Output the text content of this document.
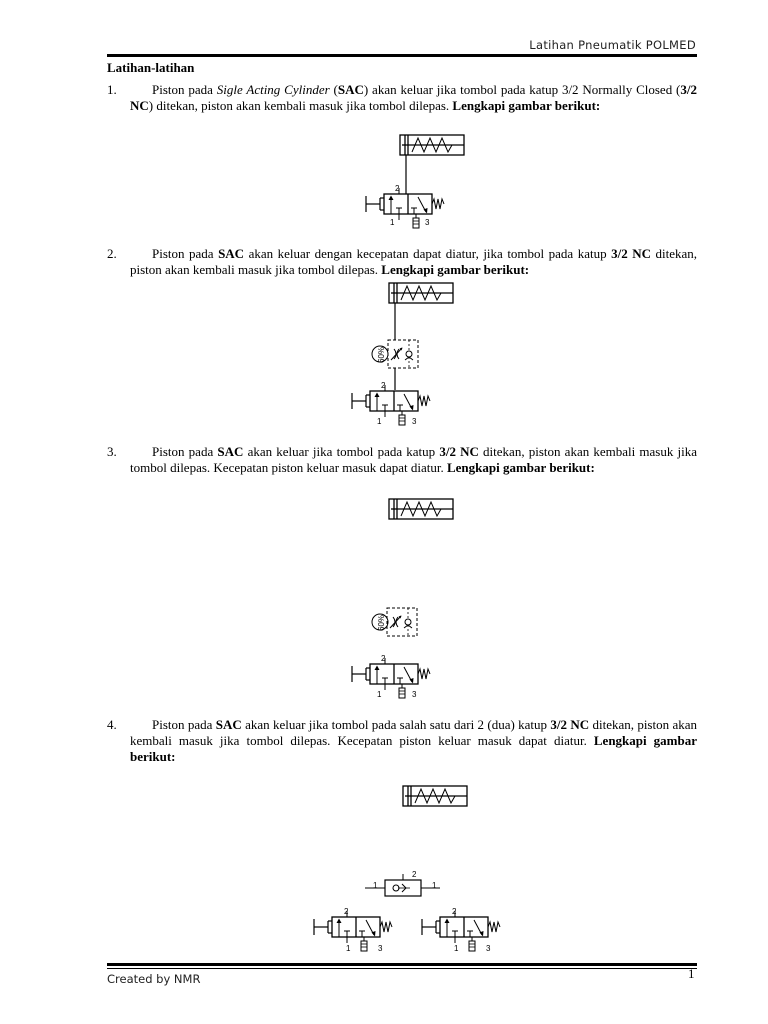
Latihan Pneumatik POLMED
Latihan-latihan
1.	Piston pada Sigle Acting Cylinder (SAC) akan keluar jika tombol pada katup 3/2 Normally Closed (3/2 NC) ditekan, piston akan kembali masuk jika tombol dilepas. Lengkapi gambar berikut:
2.	Piston pada SAC akan keluar dengan kecepatan dapat diatur, jika tombol pada katup 3/2 NC ditekan, piston akan kembali masuk jika tombol dilepas. Lengkapi gambar berikut:
3.	Piston pada SAC akan keluar jika tombol pada katup 3/2 NC ditekan, piston akan kembali masuk jika tombol dilepas. Kecepatan piston keluar masuk dapat diatur. Lengkapi gambar berikut:
4.	Piston pada SAC akan keluar jika tombol pada salah satu dari 2 (dua) katup 3/2 NC ditekan, piston akan kembali masuk jika tombol dilepas. Kecepatan piston keluar masuk dapat diatur. Lengkapi gambar berikut:
2
1	3
60%
2
1	3
60%
2
1	3
2
1	1
2
1	3
2
1	3
Created by NMR	1
